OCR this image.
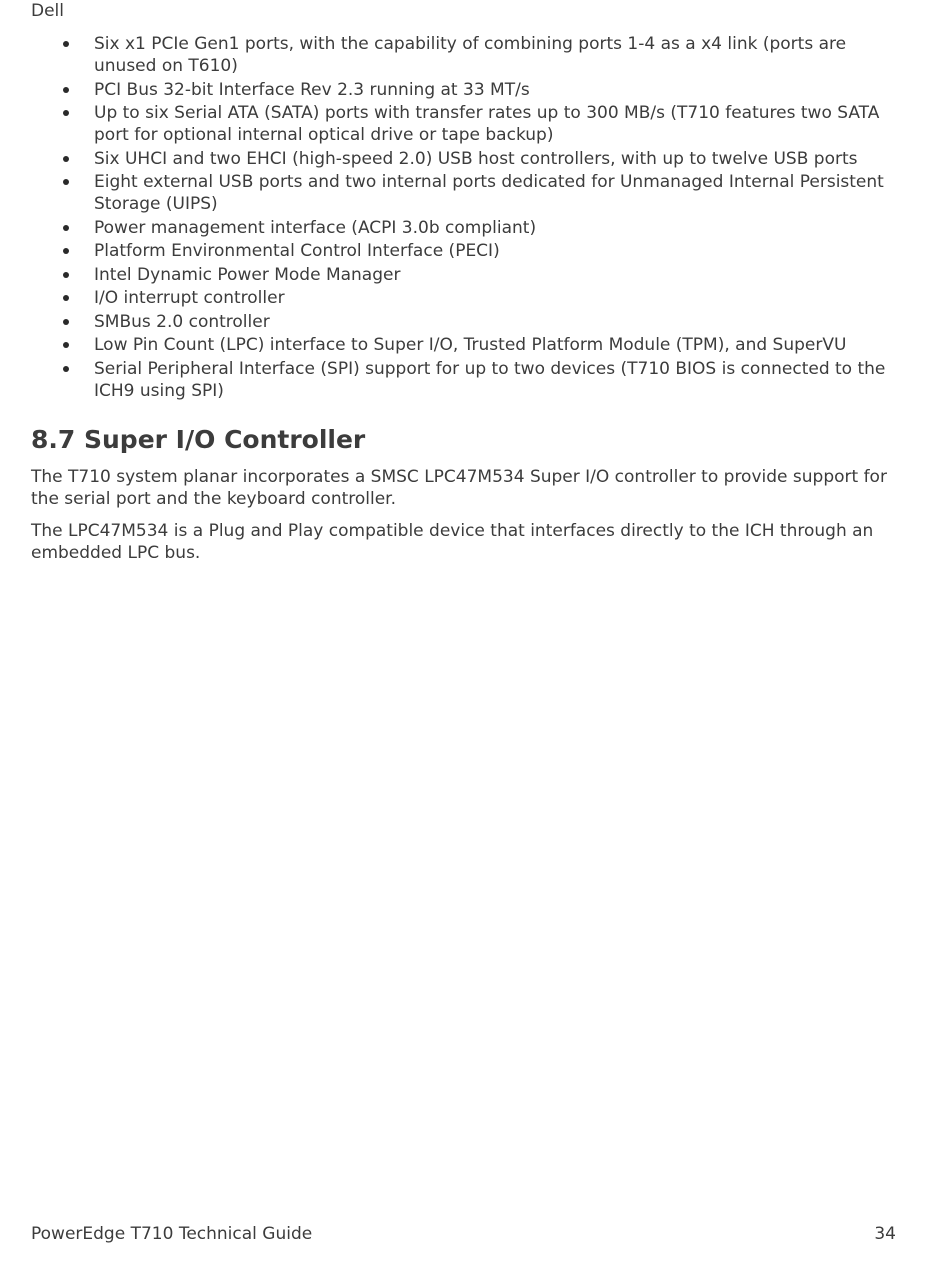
Dell
Six x1 PCIe Gen1 ports, with the capability of combining ports 1-4 as a x4 link (ports are unused on T610)
PCI Bus 32-bit Interface Rev 2.3 running at 33 MT/s
Up to six Serial ATA (SATA) ports with transfer rates up to 300 MB/s (T710 features two SATA port for optional internal optical drive or tape backup)
Six UHCI and two EHCI (high-speed 2.0) USB host controllers, with up to twelve USB ports
Eight external USB ports and two internal ports dedicated for Unmanaged Internal Persistent Storage (UIPS)
Power management interface (ACPI 3.0b compliant)
Platform Environmental Control Interface (PECI)
Intel Dynamic Power Mode Manager
I/O interrupt controller
SMBus 2.0 controller
Low Pin Count (LPC) interface to Super I/O, Trusted Platform Module (TPM), and SuperVU
Serial Peripheral Interface (SPI) support for up to two devices (T710 BIOS is connected to the ICH9 using SPI)
8.7 Super I/O Controller

The T710 system planar incorporates a SMSC LPC47M534 Super I/O controller to provide support for the serial port and the keyboard controller.

The LPC47M534 is a Plug and Play compatible device that interfaces directly to the ICH through an embedded LPC bus.

PowerEdge T710 Technical Guide	34
